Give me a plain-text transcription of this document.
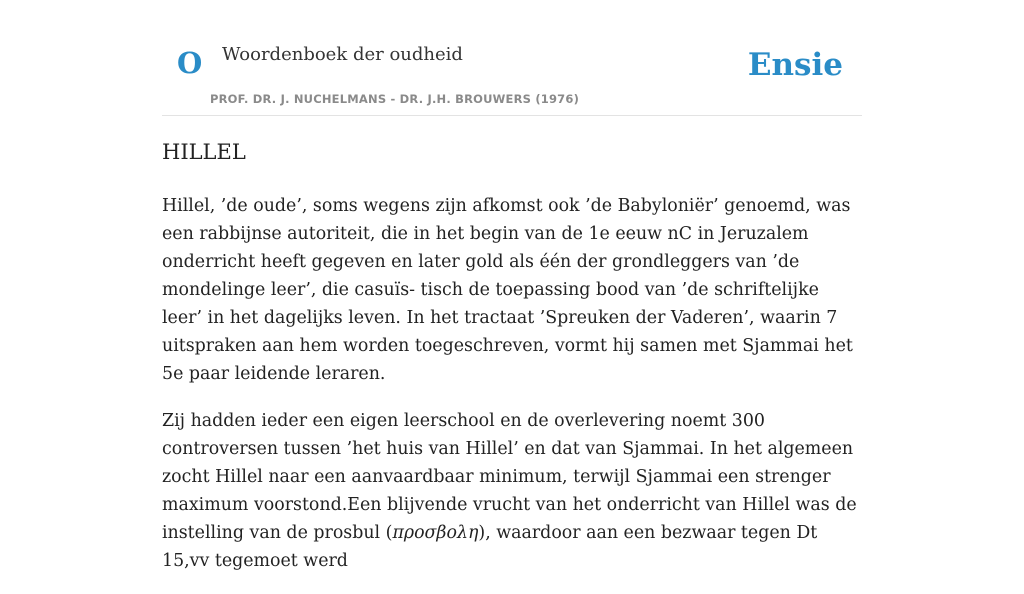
O Woordenboek der oudheid
PROF. DR. J. NUCHELMANS - DR. J.H. BROUWERS (1976)
Ensie
HILLEL

Hillel, ’de oude’, soms wegens zijn afkomst ook ’de Babyloniër’ genoemd, was een rabbijnse autoriteit, die in het begin van de 1e eeuw nC in Jeruzalem onderricht heeft gegeven en later gold als één der grondleggers van ’de mondelinge leer’, die casuïs- tisch de toepassing bood van ’de schriftelijke leer’ in het dagelijks leven. In het tractaat ’Spreuken der Vaderen’, waarin 7 uitspraken aan hem worden toegeschreven, vormt hij samen met Sjammai het 5e paar leidende leraren.

Zij hadden ieder een eigen leerschool en de overlevering noemt 300 controversen tussen ’het huis van Hillel’ en dat van Sjammai. In het algemeen zocht Hillel naar een aanvaardbaar minimum, terwijl Sjammai een strenger maximum voorstond.Een blijvende vrucht van het onderricht van Hillel was de instelling van de prosbul (προσβολη), waardoor aan een bezwaar tegen Dt 15,vv tegemoet werd
